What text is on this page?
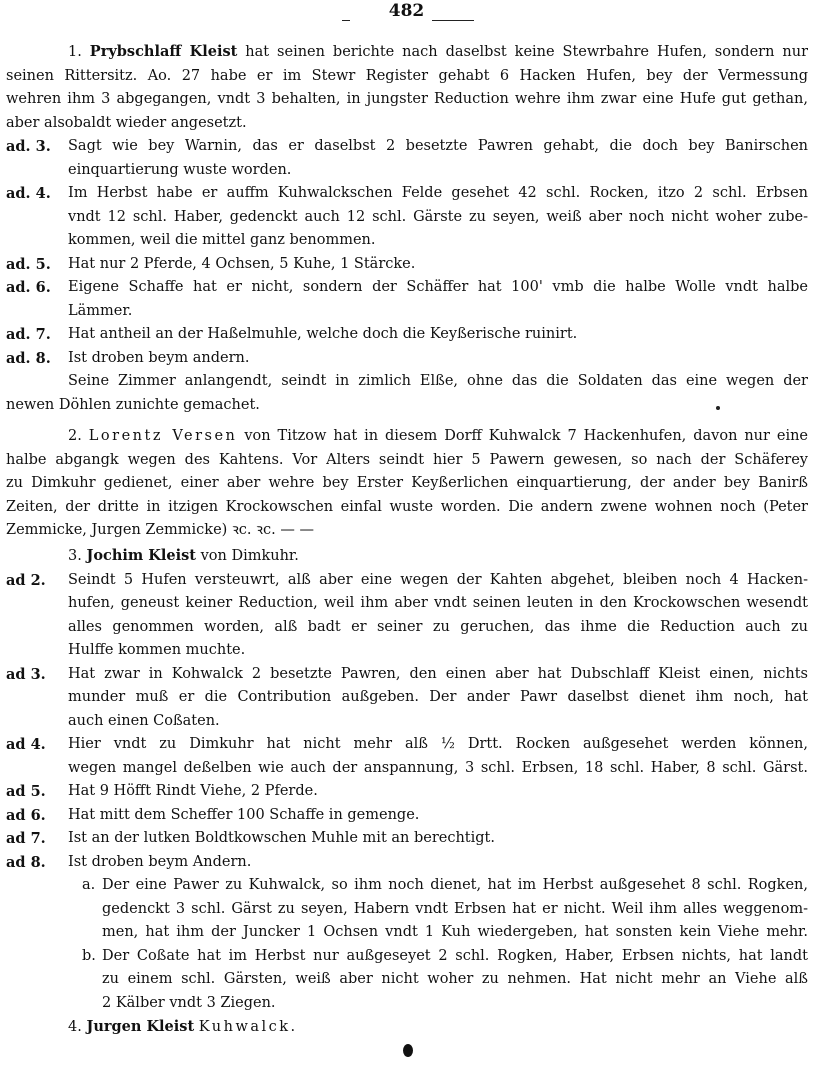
482
1. Prybschlaff Kleist hat seinen berichte nach daselbst keine Stewrbahre Hufen, sondern nur
seinen Rittersitz. Ao. 27 habe er im Stewr Register gehabt 6 Hacken Hufen, bey der Vermessung
wehren ihm 3 abgegangen, vndt 3 behalten, in jungster Reduction wehre ihm zwar eine Hufe gut gethan,
aber alsobaldt wieder angesetzt.
ad. 3. Sagt wie bey Warnin, das er daselbst 2 besetzte Pawren gehabt, die doch bey Banirschen
einquartierung wuste worden.
ad. 4. Im Herbst habe er auffm Kuhwalckschen Felde gesehet 42 schl. Rocken, itzo 2 schl. Erbsen
vndt 12 schl. Haber, gedenckt auch 12 schl. Gärste zu seyen, weiß aber noch nicht woher zube-
kommen, weil die mittel ganz benommen.
ad. 5. Hat nur 2 Pferde, 4 Ochsen, 5 Kuhe, 1 Stärcke.
ad. 6. Eigene Schaffe hat er nicht, sondern der Schäffer hat 100' vmb die halbe Wolle vndt halbe
Lämmer.
ad. 7. Hat antheil an der Haßelmuhle, welche doch die Keyßerische ruinirt.
ad. 8. Ist droben beym andern.
Seine Zimmer anlangendt, seindt in zimlich Elße, ohne das die Soldaten das eine wegen der
newen Döhlen zunichte gemachet.
2. Lorentz Versen von Titzow hat in diesem Dorff Kuhwalck 7 Hackenhufen, davon nur eine
halbe abgangk wegen des Kahtens. Vor Alters seindt hier 5 Pawern gewesen, so nach der Schäferey
zu Dimkuhr gedienet, einer aber wehre bey Erster Keyßerlichen einquartierung, der ander bey Banirß
Zeiten, der dritte in itzigen Krockowschen einfal wuste worden. Die andern zwene wohnen noch (Peter
Zemmicke, Jurgen Zemmicke) ꝛc. ꝛc. — —
3. Jochim Kleist von Dimkuhr.
ad 2. Seindt 5 Hufen versteuwrt, alß aber eine wegen der Kahten abgehet, bleiben noch 4 Hacken-
hufen, geneust keiner Reduction, weil ihm aber vndt seinen leuten in den Krockowschen wesendt
alles genommen worden, alß badt er seiner zu geruchen, das ihme die Reduction auch zu
Hulffe kommen muchte.
ad 3. Hat zwar in Kohwalck 2 besetzte Pawren, den einen aber hat Dubschlaff Kleist einen, nichts
munder muß er die Contribution außgeben. Der ander Pawr daselbst dienet ihm noch, hat
auch einen Coßaten.
ad 4. Hier vndt zu Dimkuhr hat nicht mehr alß ½ Drtt. Rocken außgesehet werden können,
wegen mangel deßelben wie auch der anspannung, 3 schl. Erbsen, 18 schl. Haber, 8 schl. Gärst.
ad 5. Hat 9 Höfft Rindt Viehe, 2 Pferde.
ad 6. Hat mitt dem Scheffer 100 Schaffe in gemenge.
ad 7. Ist an der lutken Boldtkowschen Muhle mit an berechtigt.
ad 8. Ist droben beym Andern.
a. Der eine Pawer zu Kuhwalck, so ihm noch dienet, hat im Herbst außgesehet 8 schl. Rogken,
gedenckt 3 schl. Gärst zu seyen, Habern vndt Erbsen hat er nicht. Weil ihm alles weggenom-
men, hat ihm der Juncker 1 Ochsen vndt 1 Kuh wiedergeben, hat sonsten kein Viehe mehr.
b. Der Coßate hat im Herbst nur außgeseyet 2 schl. Rogken, Haber, Erbsen nichts, hat landt
zu einem schl. Gärsten, weiß aber nicht woher zu nehmen. Hat nicht mehr an Viehe alß
2 Kälber vndt 3 Ziegen.
4. Jurgen Kleist Kuhwalck.
